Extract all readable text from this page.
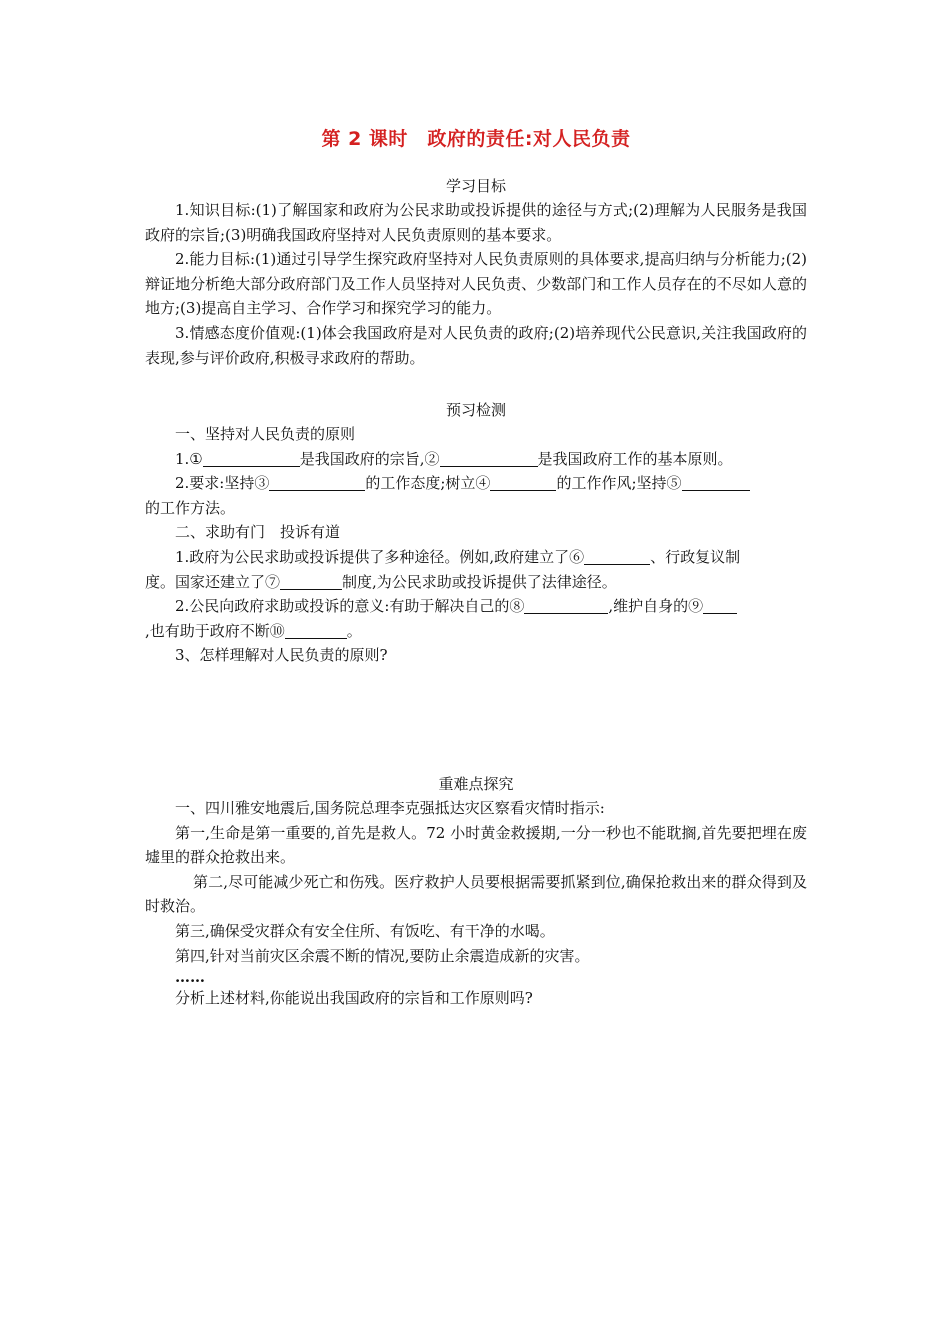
第 2 课时　政府的责任:对人民负责
学习目标
1.知识目标:(1)了解国家和政府为公民求助或投诉提供的途径与方式;(2)理解为人民服务是我国政府的宗旨;(3)明确我国政府坚持对人民负责原则的基本要求。
2.能力目标:(1)通过引导学生探究政府坚持对人民负责原则的具体要求,提高归纳与分析能力;(2)辩证地分析绝大部分政府部门及工作人员坚持对人民负责、少数部门和工作人员存在的不尽如人意的地方;(3)提高自主学习、合作学习和探究学习的能力。
3.情感态度价值观:(1)体会我国政府是对人民负责的政府;(2)培养现代公民意识,关注我国政府的表现,参与评价政府,积极寻求政府的帮助。
预习检测
一、坚持对人民负责的原则
1.①	是我国政府的宗旨,②	是我国政府工作的基本原则。
2.要求:坚持③	的工作态度;树立④	的工作作风;坚持⑤
的工作方法。
二、求助有门　投诉有道
1.政府为公民求助或投诉提供了多种途径。例如,政府建立了⑥	、行政复议制
度。国家还建立了⑦	制度,为公民求助或投诉提供了法律途径。
2.公民向政府求助或投诉的意义:有助于解决自己的⑧	,维护自身的⑨
,也有助于政府不断⑩	。
3、怎样理解对人民负责的原则?
重难点探究
一、四川雅安地震后,国务院总理李克强抵达灾区察看灾情时指示:
第一,生命是第一重要的,首先是救人。72 小时黄金救援期,一分一秒也不能耽搁,首先要把埋在废墟里的群众抢救出来。
第二,尽可能减少死亡和伤残。医疗救护人员要根据需要抓紧到位,确保抢救出来的群众得到及时救治。
第三,确保受灾群众有安全住所、有饭吃、有干净的水喝。
第四,针对当前灾区余震不断的情况,要防止余震造成新的灾害。
……
分析上述材料,你能说出我国政府的宗旨和工作原则吗?
